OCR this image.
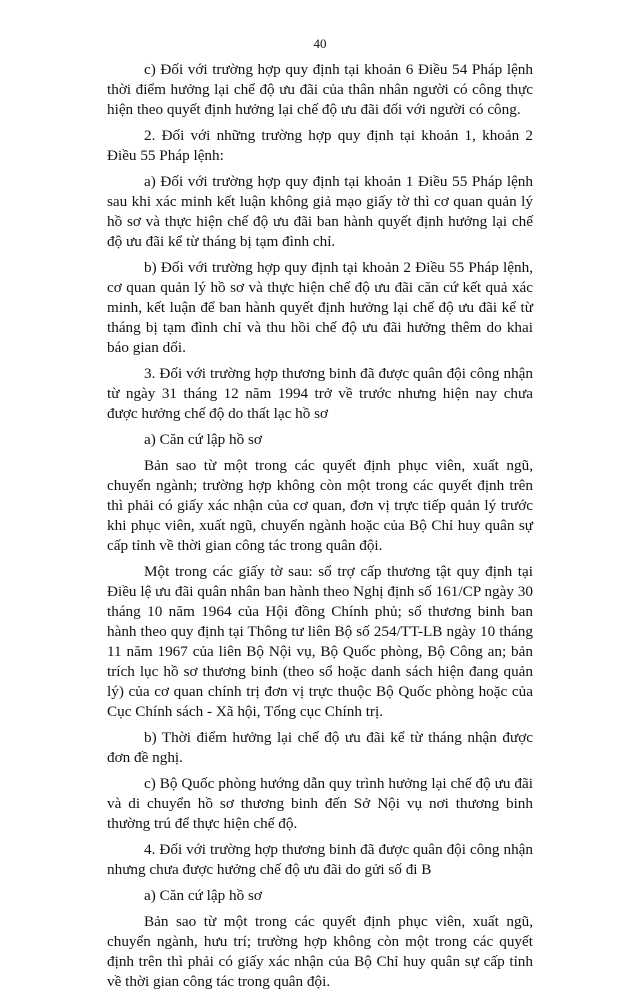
40

c) Đối với trường hợp quy định tại khoản 6 Điều 54 Pháp lệnh thời điểm hưởng lại chế độ ưu đãi của thân nhân người có công thực hiện theo quyết định hưởng lại chế độ ưu đãi đối với người có công.

2. Đối với những trường hợp quy định tại khoản 1, khoản 2 Điều 55 Pháp lệnh:

a) Đối với trường hợp quy định tại khoản 1 Điều 55 Pháp lệnh sau khi xác minh kết luận không giả mạo giấy tờ thì cơ quan quản lý hồ sơ và thực hiện chế độ ưu đãi ban hành quyết định hưởng lại chế độ ưu đãi kể từ tháng bị tạm đình chỉ.

b) Đối với trường hợp quy định tại khoản 2 Điều 55 Pháp lệnh, cơ quan quản lý hồ sơ và thực hiện chế độ ưu đãi căn cứ kết quả xác minh, kết luận để ban hành quyết định hưởng lại chế độ ưu đãi kể từ tháng bị tạm đình chỉ và thu hồi chế độ ưu đãi hưởng thêm do khai báo gian dối.

3. Đối với trường hợp thương binh đã được quân đội công nhận từ ngày 31 tháng 12 năm 1994 trở về trước nhưng hiện nay chưa được hưởng chế độ do thất lạc hồ sơ

a) Căn cứ lập hồ sơ

Bản sao từ một trong các quyết định phục viên, xuất ngũ, chuyển ngành; trường hợp không còn một trong các quyết định trên thì phải có giấy xác nhận của cơ quan, đơn vị trực tiếp quản lý trước khi phục viên, xuất ngũ, chuyển ngành hoặc của Bộ Chỉ huy quân sự cấp tỉnh về thời gian công tác trong quân đội.

Một trong các giấy tờ sau: sổ trợ cấp thương tật quy định tại Điều lệ ưu đãi quân nhân ban hành theo Nghị định số 161/CP ngày 30 tháng 10 năm 1964 của Hội đồng Chính phủ; sổ thương binh ban hành theo quy định tại Thông tư liên Bộ số 254/TT-LB ngày 10 tháng 11 năm 1967 của liên Bộ Nội vụ, Bộ Quốc phòng, Bộ Công an; bản trích lục hồ sơ thương binh (theo sổ hoặc danh sách hiện đang quản lý) của cơ quan chính trị đơn vị trực thuộc Bộ Quốc phòng hoặc của Cục Chính sách - Xã hội, Tổng cục Chính trị.

b) Thời điểm hưởng lại chế độ ưu đãi kể từ tháng nhận được đơn đề nghị.

c) Bộ Quốc phòng hướng dẫn quy trình hưởng lại chế độ ưu đãi và di chuyển hồ sơ thương binh đến Sở Nội vụ nơi thương binh thường trú để thực hiện chế độ.

4. Đối với trường hợp thương binh đã được quân đội công nhận nhưng chưa được hưởng chế độ ưu đãi do gửi số đi B

a) Căn cứ lập hồ sơ

Bản sao từ một trong các quyết định phục viên, xuất ngũ, chuyển ngành, hưu trí; trường hợp không còn một trong các quyết định trên thì phải có giấy xác nhận của Bộ Chỉ huy quân sự cấp tỉnh về thời gian công tác trong quân đội.
